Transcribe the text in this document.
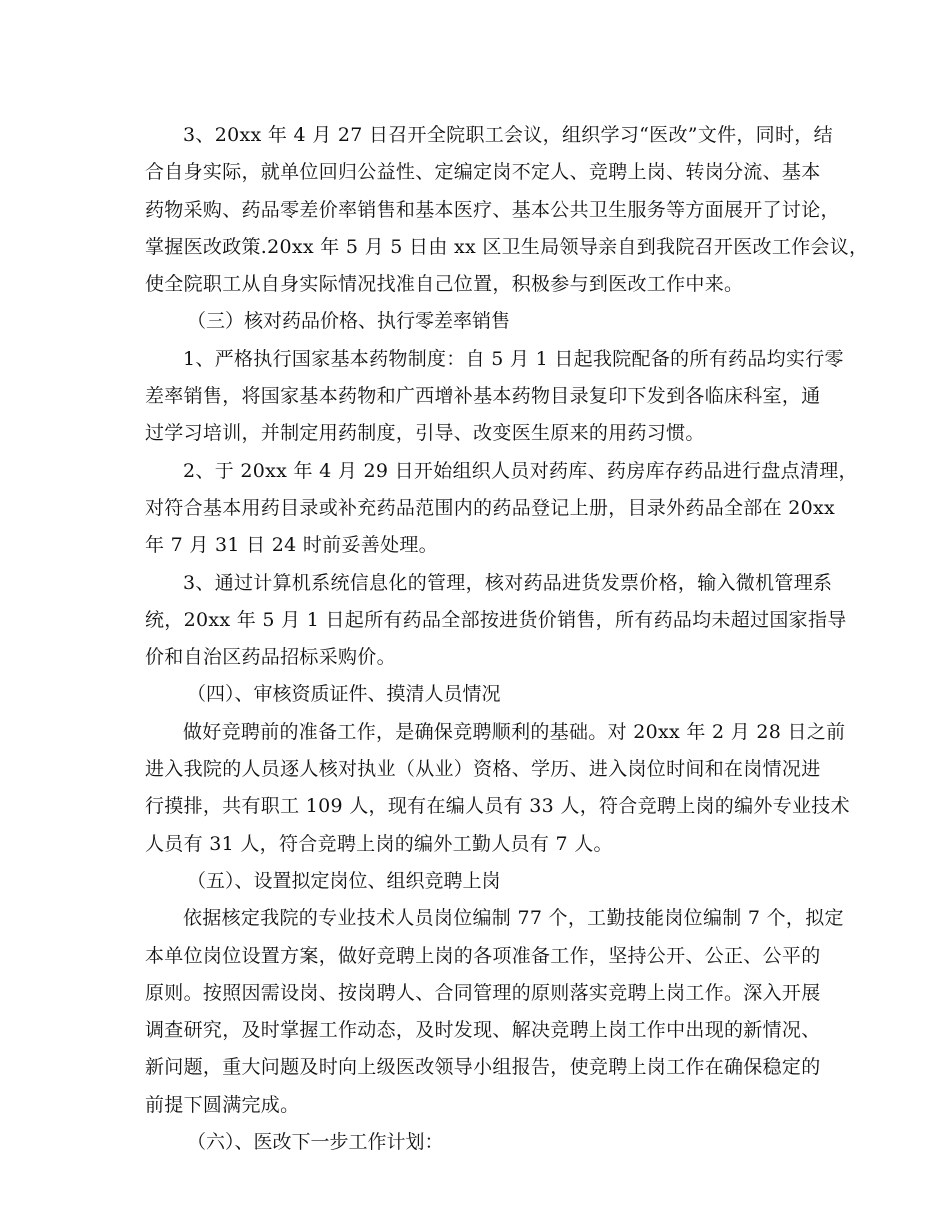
3、20xx 年 4 月 27 日召开全院职工会议，组织学习“医改”文件，同时，结
合自身实际，就单位回归公益性、定编定岗不定人、竞聘上岗、转岗分流、基本
药物采购、药品零差价率销售和基本医疗、基本公共卫生服务等方面展开了讨论，
掌握医改政策.20xx 年 5 月 5 日由 xx 区卫生局领导亲自到我院召开医改工作会议，
使全院职工从自身实际情况找准自己位置，积极参与到医改工作中来。

（三）核对药品价格、执行零差率销售

1、严格执行国家基本药物制度：自 5 月 1 日起我院配备的所有药品均实行零
差率销售，将国家基本药物和广西增补基本药物目录复印下发到各临床科室，通
过学习培训，并制定用药制度，引导、改变医生原来的用药习惯。

2、于 20xx 年 4 月 29 日开始组织人员对药库、药房库存药品进行盘点清理，
对符合基本用药目录或补充药品范围内的药品登记上册，目录外药品全部在 20xx
年 7 月 31 日 24 时前妥善处理。

3、通过计算机系统信息化的管理，核对药品进货发票价格，输入微机管理系
统，20xx 年 5 月 1 日起所有药品全部按进货价销售，所有药品均未超过国家指导
价和自治区药品招标采购价。

（四）、审核资质证件、摸清人员情况

做好竞聘前的准备工作，是确保竞聘顺利的基础。对 20xx 年 2 月 28 日之前
进入我院的人员逐人核对执业（从业）资格、学历、进入岗位时间和在岗情况进
行摸排，共有职工 109 人，现有在编人员有 33 人，符合竞聘上岗的编外专业技术
人员有 31 人，符合竞聘上岗的编外工勤人员有 7 人。

（五）、设置拟定岗位、组织竞聘上岗

依据核定我院的专业技术人员岗位编制 77 个，工勤技能岗位编制 7 个，拟定
本单位岗位设置方案，做好竞聘上岗的各项准备工作，坚持公开、公正、公平的
原则。按照因需设岗、按岗聘人、合同管理的原则落实竞聘上岗工作。深入开展
调查研究，及时掌握工作动态，及时发现、解决竞聘上岗工作中出现的新情况、
新问题，重大问题及时向上级医改领导小组报告，使竞聘上岗工作在确保稳定的
前提下圆满完成。

（六）、医改下一步工作计划：
